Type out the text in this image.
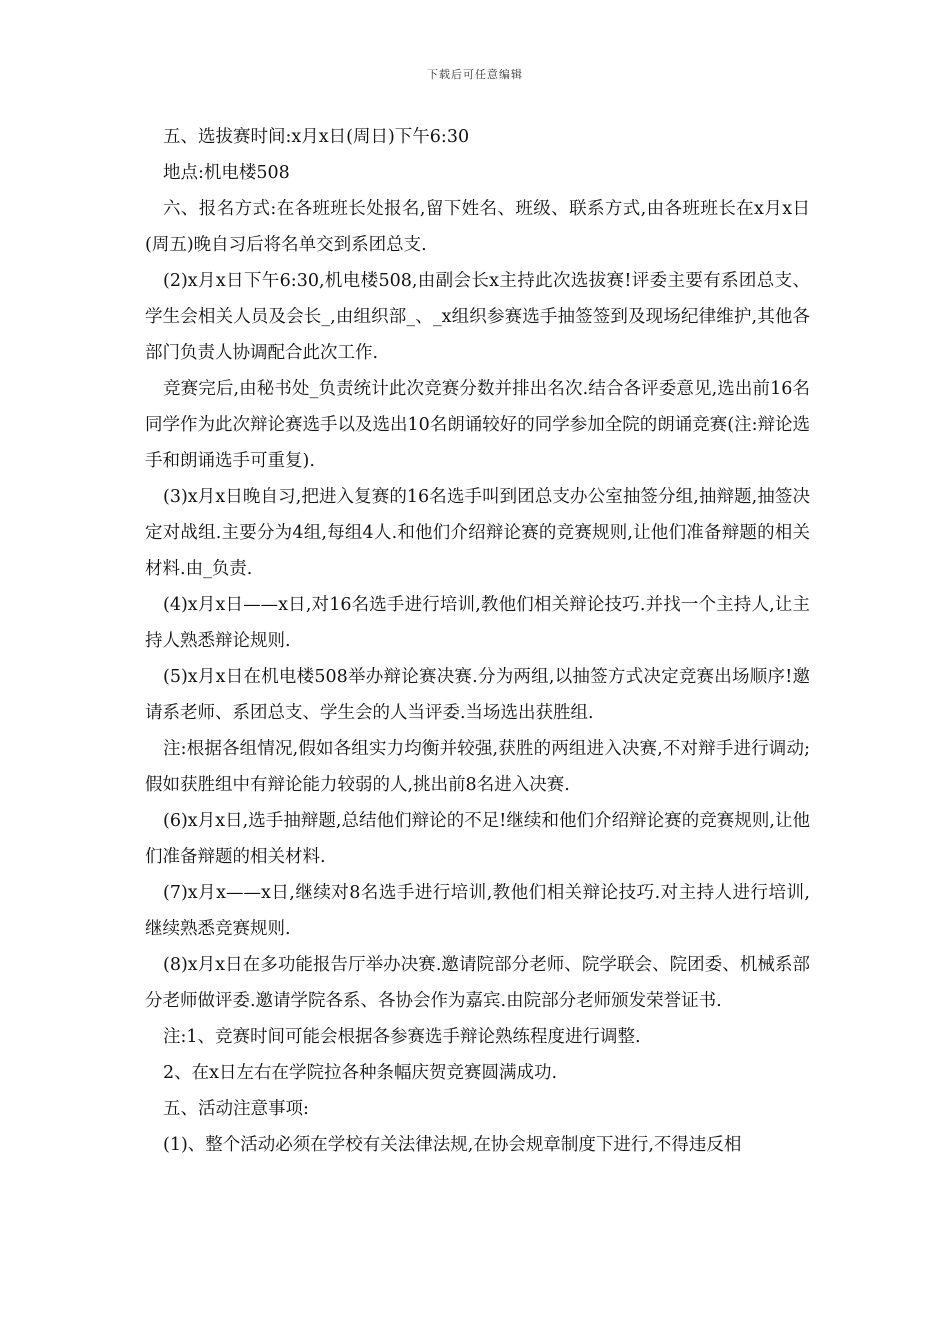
下载后可任意编辑

五、选拔赛时间:x月x日(周日)下午6:30

地点:机电楼508

六、报名方式:在各班班长处报名,留下姓名、班级、联系方式,由各班班长在x月x日(周五)晚自习后将名单交到系团总支.

(2)x月x日下午6:30,机电楼508,由副会长x主持此次选拔赛!评委主要有系团总支、学生会相关人员及会长_,由组织部_、_x组织参赛选手抽签签到及现场纪律维护,其他各部门负责人协调配合此次工作.

竞赛完后,由秘书处_负责统计此次竞赛分数并排出名次.结合各评委意见,选出前16名同学作为此次辩论赛选手以及选出10名朗诵较好的同学参加全院的朗诵竞赛(注:辩论选手和朗诵选手可重复).

(3)x月x日晚自习,把进入复赛的16名选手叫到团总支办公室抽签分组,抽辩题,抽签决定对战组.主要分为4组,每组4人.和他们介绍辩论赛的竞赛规则,让他们准备辩题的相关材料.由_负责.

(4)x月x日——x日,对16名选手进行培训,教他们相关辩论技巧.并找一个主持人,让主持人熟悉辩论规则.

(5)x月x日在机电楼508举办辩论赛决赛.分为两组,以抽签方式决定竞赛出场顺序!邀请系老师、系团总支、学生会的人当评委.当场选出获胜组.

注:根据各组情况,假如各组实力均衡并较强,获胜的两组进入决赛,不对辩手进行调动;假如获胜组中有辩论能力较弱的人,挑出前8名进入决赛.

(6)x月x日,选手抽辩题,总结他们辩论的不足!继续和他们介绍辩论赛的竞赛规则,让他们准备辩题的相关材料.

(7)x月x——x日,继续对8名选手进行培训,教他们相关辩论技巧.对主持人进行培训,继续熟悉竞赛规则.

(8)x月x日在多功能报告厅举办决赛.邀请院部分老师、院学联会、院团委、机械系部分老师做评委.邀请学院各系、各协会作为嘉宾.由院部分老师颁发荣誉证书.

注:1、竞赛时间可能会根据各参赛选手辩论熟练程度进行调整.

2、在x日左右在学院拉各种条幅庆贺竞赛圆满成功.

五、活动注意事项:

(1)、整个活动必须在学校有关法律法规,在协会规章制度下进行,不得违反相
